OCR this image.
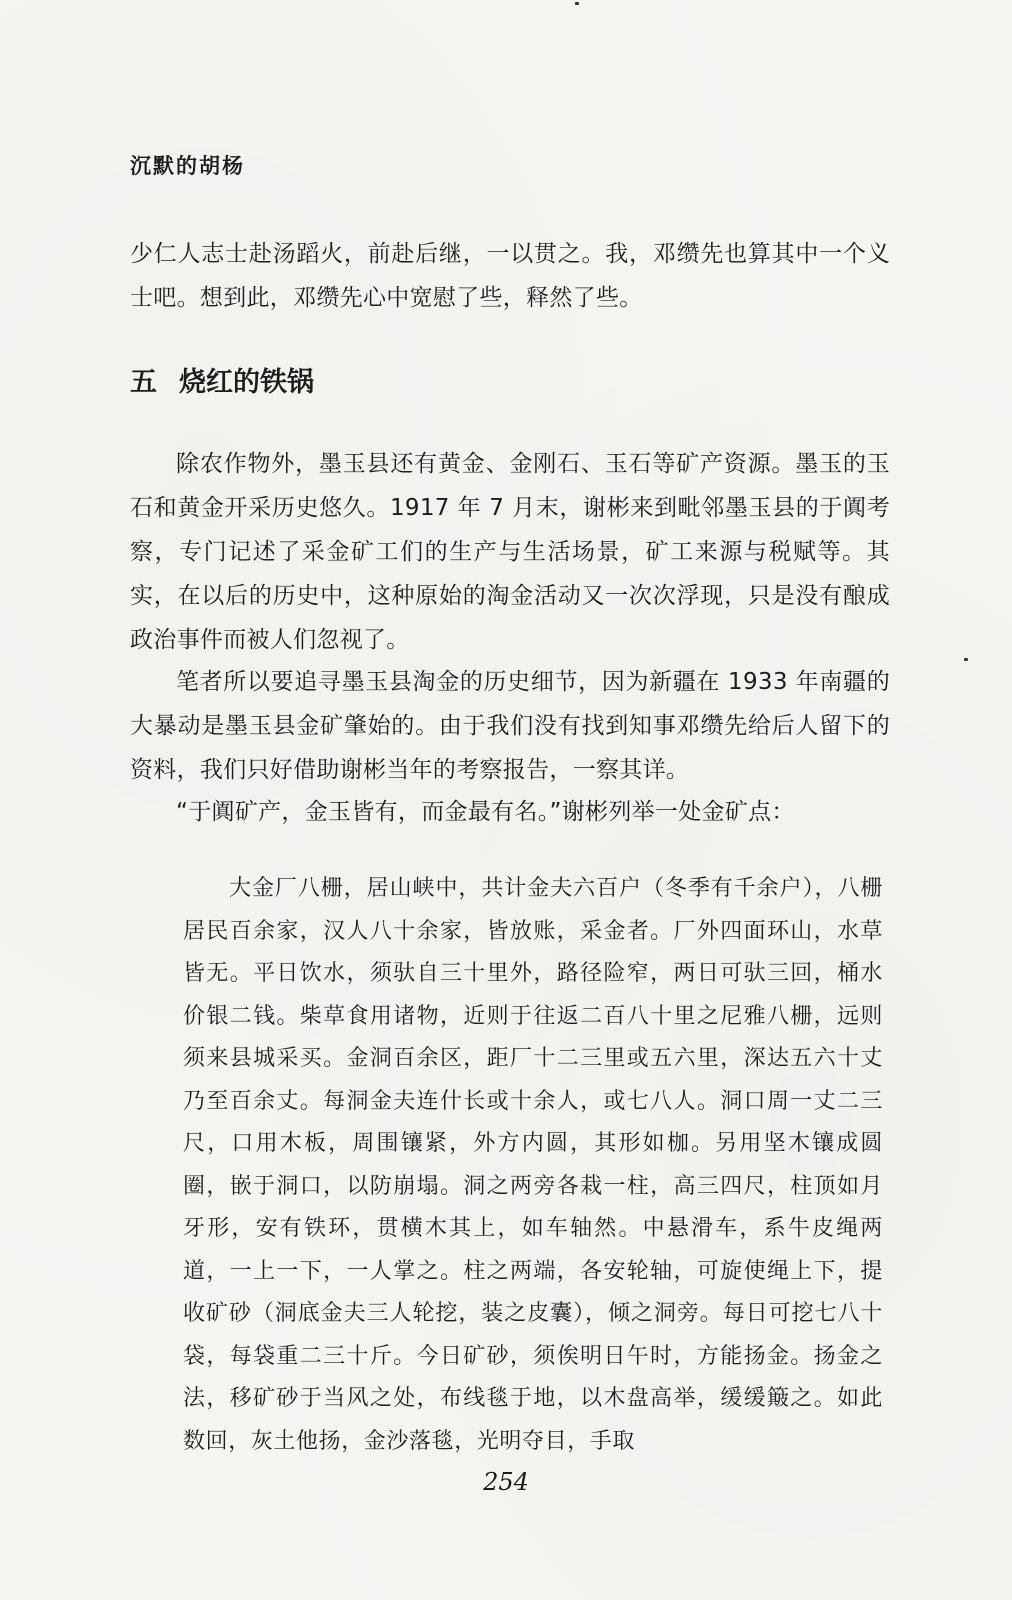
沉默的胡杨

少仁人志士赴汤蹈火，前赴后继，一以贯之。我，邓缵先也算其中一个义士吧。想到此，邓缵先心中宽慰了些，释然了些。

五 烧红的铁锅

除农作物外，墨玉县还有黄金、金刚石、玉石等矿产资源。墨玉的玉石和黄金开采历史悠久。1917 年 7 月末，谢彬来到毗邻墨玉县的于阗考察，专门记述了采金矿工们的生产与生活场景，矿工来源与税赋等。其实，在以后的历史中，这种原始的淘金活动又一次次浮现，只是没有酿成政治事件而被人们忽视了。

笔者所以要追寻墨玉县淘金的历史细节，因为新疆在 1933 年南疆的大暴动是墨玉县金矿肇始的。由于我们没有找到知事邓缵先给后人留下的资料，我们只好借助谢彬当年的考察报告，一察其详。

“于阗矿产，金玉皆有，而金最有名。”谢彬列举一处金矿点：

大金厂八栅，居山峡中，共计金夫六百户（冬季有千余户），八栅居民百余家，汉人八十余家，皆放账，采金者。厂外四面环山，水草皆无。平日饮水，须驮自三十里外，路径险窄，两日可驮三回，桶水价银二钱。柴草食用诸物，近则于往返二百八十里之尼雅八栅，远则须来县城采买。金洞百余区，距厂十二三里或五六里，深达五六十丈乃至百余丈。每洞金夫连什长或十余人，或七八人。洞口周一丈二三尺，口用木板，周围镶紧，外方内圆，其形如枷。另用坚木镶成圆圈，嵌于洞口，以防崩塌。洞之两旁各栽一柱，高三四尺，柱顶如月牙形，安有铁环，贯横木其上，如车轴然。中悬滑车，系牛皮绳两道，一上一下，一人掌之。柱之两端，各安轮轴，可旋使绳上下，提收矿砂（洞底金夫三人轮挖，装之皮囊），倾之洞旁。每日可挖七八十袋，每袋重二三十斤。今日矿砂，须俟明日午时，方能扬金。扬金之法，移矿砂于当风之处，布线毯于地，以木盘高举，缓缓簸之。如此数回，灰土他扬，金沙落毯，光明夺目，手取

254
